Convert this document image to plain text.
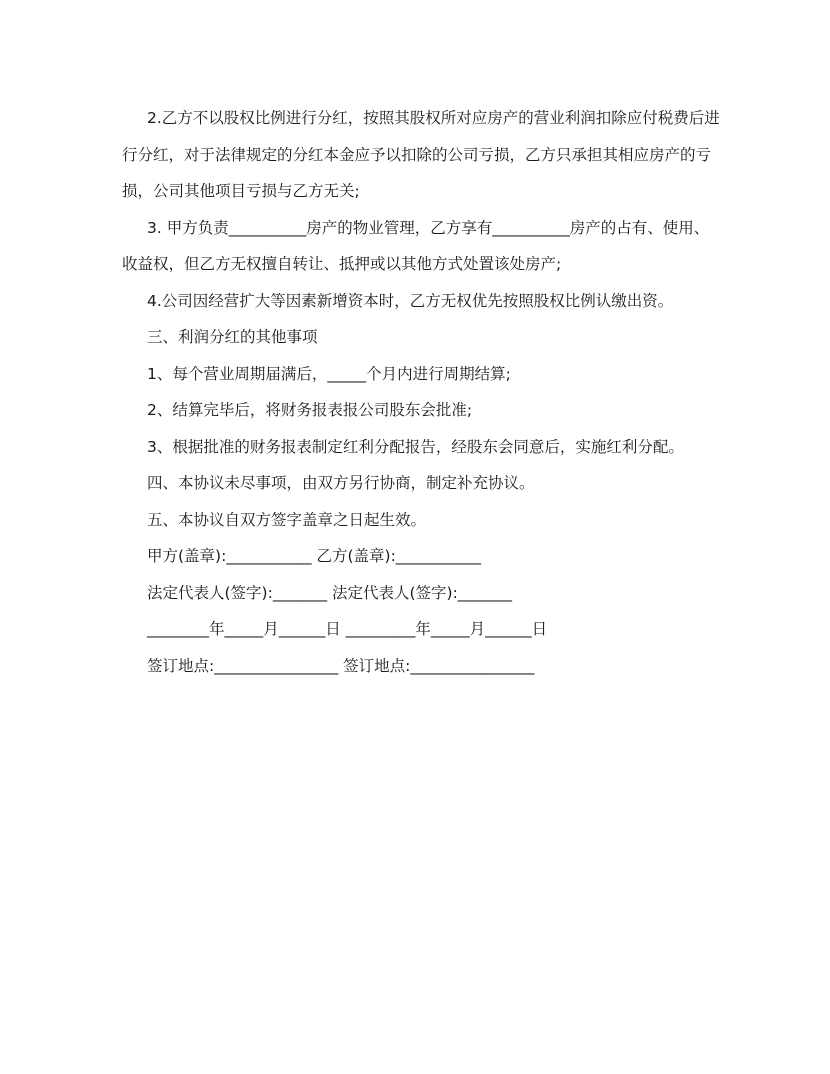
2.乙方不以股权比例进行分红，按照其股权所对应房产的营业利润扣除应付税费后进行分红，对于法律规定的分红本金应予以扣除的公司亏损，乙方只承担其相应房产的亏损，公司其他项目亏损与乙方无关;

3. 甲方负责__________房产的物业管理，乙方享有__________房产的占有、使用、收益权，但乙方无权擅自转让、抵押或以其他方式处置该处房产;

4.公司因经营扩大等因素新增资本时，乙方无权优先按照股权比例认缴出资。

三、利润分红的其他事项

1、每个营业周期届满后，_____个月内进行周期结算;

2、结算完毕后，将财务报表报公司股东会批准;

3、根据批准的财务报表制定红利分配报告，经股东会同意后，实施红利分配。

四、本协议未尽事项，由双方另行协商，制定补充协议。

五、本协议自双方签字盖章之日起生效。

甲方(盖章):___________ 乙方(盖章):___________

法定代表人(签字):_______ 法定代表人(签字):_______

________年_____月______日 _________年_____月______日

签订地点:________________ 签订地点:________________
